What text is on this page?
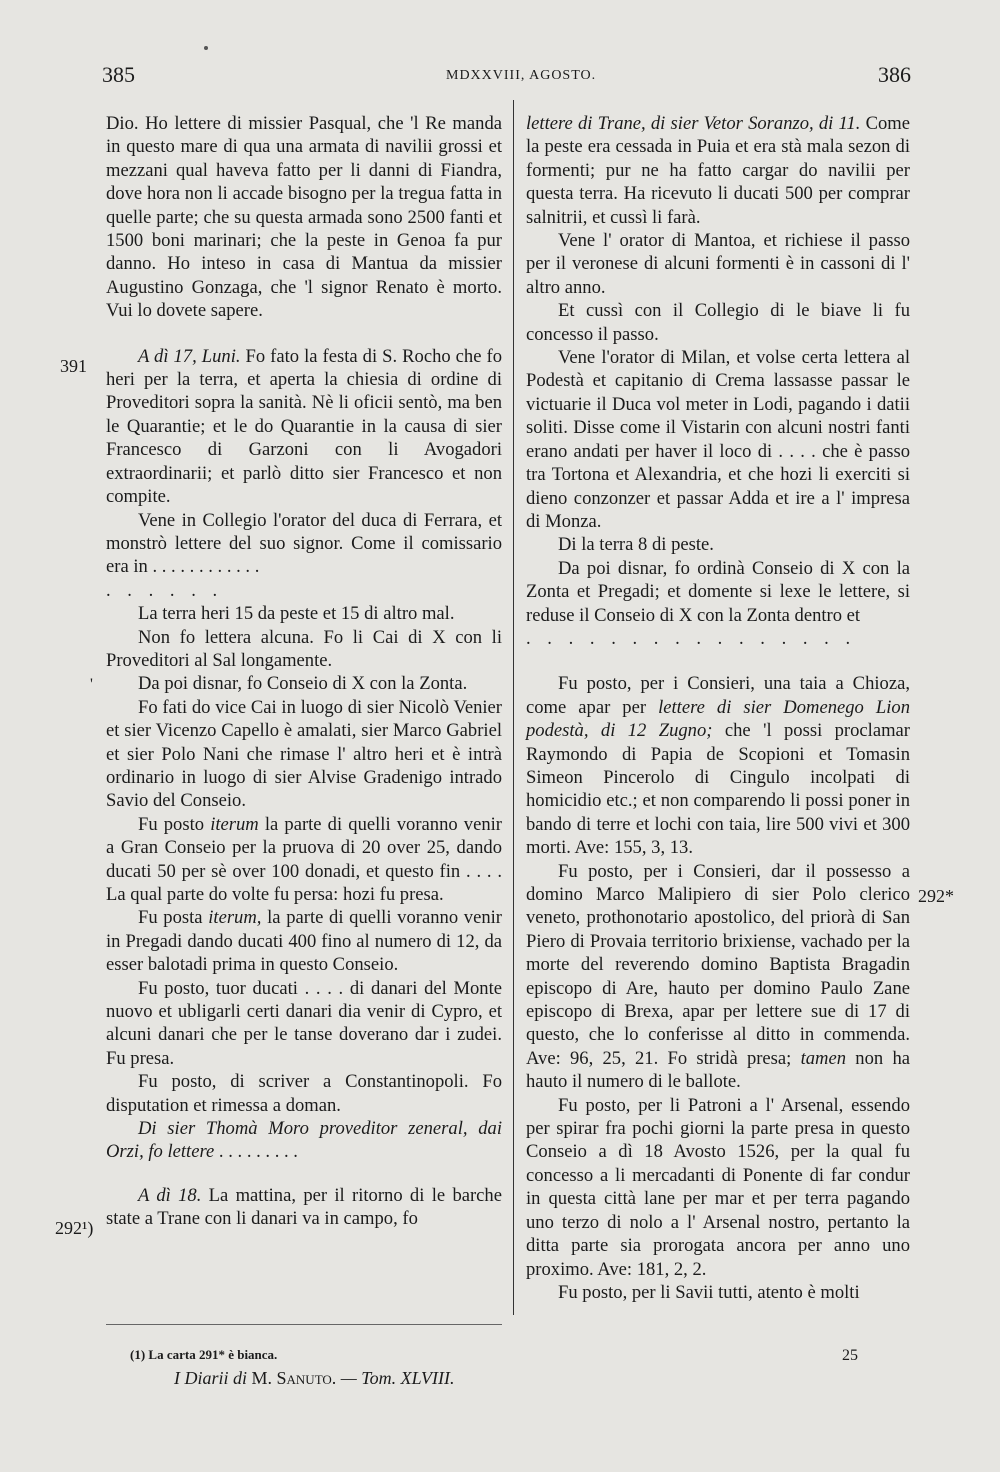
385	MDXXVIII, AGOSTO.	386
391
'
292¹)
292*

Dio. Ho lettere di missier Pasqual, che 'l Re manda in questo mare di qua una armata di navilii grossi et mezzani qual haveva fatto per li danni di Fiandra, dove hora non li accade bisogno per la tregua fatta in quelle parte; che su questa armada sono 2500 fanti et 1500 boni marinari; che la peste in Genoa fa pur danno. Ho inteso in casa di Mantua da missier Augustino Gonzaga, che 'l signor Renato è morto. Vui lo dovete sapere.

A dì 17, Luni. Fo fato la festa di S. Rocho che fo heri per la terra, et aperta la chiesia di ordine di Proveditori sopra la sanità. Nè li oficii sentò, ma ben le Quarantie; et le do Quarantie in la causa di sier Francesco di Garzoni con li Avogadori extraordinarii; et parlò ditto sier Francesco et non compite.

Vene in Collegio l'orator del duca di Ferrara, et monstrò lettere del suo signor. Come il comissario era in . . . . . . . . . . . .

. . . . . .

La terra heri 15 da peste et 15 di altro mal.

Non fo lettera alcuna. Fo li Cai di X con li Proveditori al Sal longamente.

Da poi disnar, fo Conseio di X con la Zonta.

Fo fati do vice Cai in luogo di sier Nicolò Venier et sier Vicenzo Capello è amalati, sier Marco Gabriel et sier Polo Nani che rimase l' altro heri et è intrà ordinario in luogo di sier Alvise Gradenigo intrado Savio del Conseio.

Fu posto iterum la parte di quelli voranno venir a Gran Conseio per la pruova di 20 over 25, dando ducati 50 per sè over 100 donadi, et questo fin . . . . La qual parte do volte fu persa: hozi fu presa.

Fu posta iterum, la parte di quelli voranno venir in Pregadi dando ducati 400 fino al numero di 12, da esser balotadi prima in questo Conseio.

Fu posto, tuor ducati . . . . di danari del Monte nuovo et ubligarli certi danari dia venir di Cypro, et alcuni danari che per le tanse doverano dar i zudei. Fu presa.

Fu posto, di scriver a Constantinopoli. Fo disputation et rimessa a doman.

Di sier Thomà Moro proveditor zeneral, dai Orzi, fo lettere . . . . . . . . .

A dì 18. La mattina, per il ritorno di le barche state a Trane con li danari va in campo, fo

lettere di Trane, di sier Vetor Soranzo, di 11. Come la peste era cessada in Puia et era stà mala sezon di formenti; pur ne ha fatto cargar do navilii per questa terra. Ha ricevuto li ducati 500 per comprar salnitrii, et cussì li farà.

Vene l' orator di Mantoa, et richiese il passo per il veronese di alcuni formenti è in cassoni di l' altro anno.

Et cussì con il Collegio di le biave li fu concesso il passo.

Vene l'orator di Milan, et volse certa lettera al Podestà et capitanio di Crema lassasse passar le victuarie il Duca vol meter in Lodi, pagando i datii soliti. Disse come il Vistarin con alcuni nostri fanti erano andati per haver il loco di . . . . che è passo tra Tortona et Alexandria, et che hozi li exerciti si dieno conzonzer et passar Adda et ire a l' impresa di Monza.

Di la terra 8 di peste.

Da poi disnar, fo ordinà Conseio di X con la Zonta et Pregadi; et domente si lexe le lettere, si reduse il Conseio di X con la Zonta dentro et

. . . . . . . . . . . . . . . .

Fu posto, per i Consieri, una taia a Chioza, come apar per lettere di sier Domenego Lion podestà, di 12 Zugno; che 'l possi proclamar Raymondo di Papia de Scopioni et Tomasin Simeon Pincerolo di Cingulo incolpati di homicidio etc.; et non comparendo li possi poner in bando di terre et lochi con taia, lire 500 vivi et 300 morti. Ave: 155, 3, 13.

Fu posto, per i Consieri, dar il possesso a domino Marco Malipiero di sier Polo clerico veneto, prothonotario apostolico, del priorà di San Piero di Provaia territorio brixiense, vachado per la morte del reverendo domino Baptista Bragadin episcopo di Are, hauto per domino Paulo Zane episcopo di Brexa, apar per lettere sue di 17 di questo, che lo conferisse al ditto in commenda. Ave: 96, 25, 21. Fo stridà presa; tamen non ha hauto il numero di le ballote.

Fu posto, per li Patroni a l' Arsenal, essendo per spirar fra pochi giorni la parte presa in questo Conseio a dì 18 Avosto 1526, per la qual fu concesso a li mercadanti di Ponente di far condur in questa città lane per mar et per terra pagando uno terzo di nolo a l' Arsenal nostro, pertanto la ditta parte sia prorogata ancora per anno uno proximo. Ave: 181, 2, 2.

Fu posto, per li Savii tutti, atento è molti

(1) La carta 291* è bianca.
I Diarii di M. Sanuto. — Tom. XLVIII.
25
